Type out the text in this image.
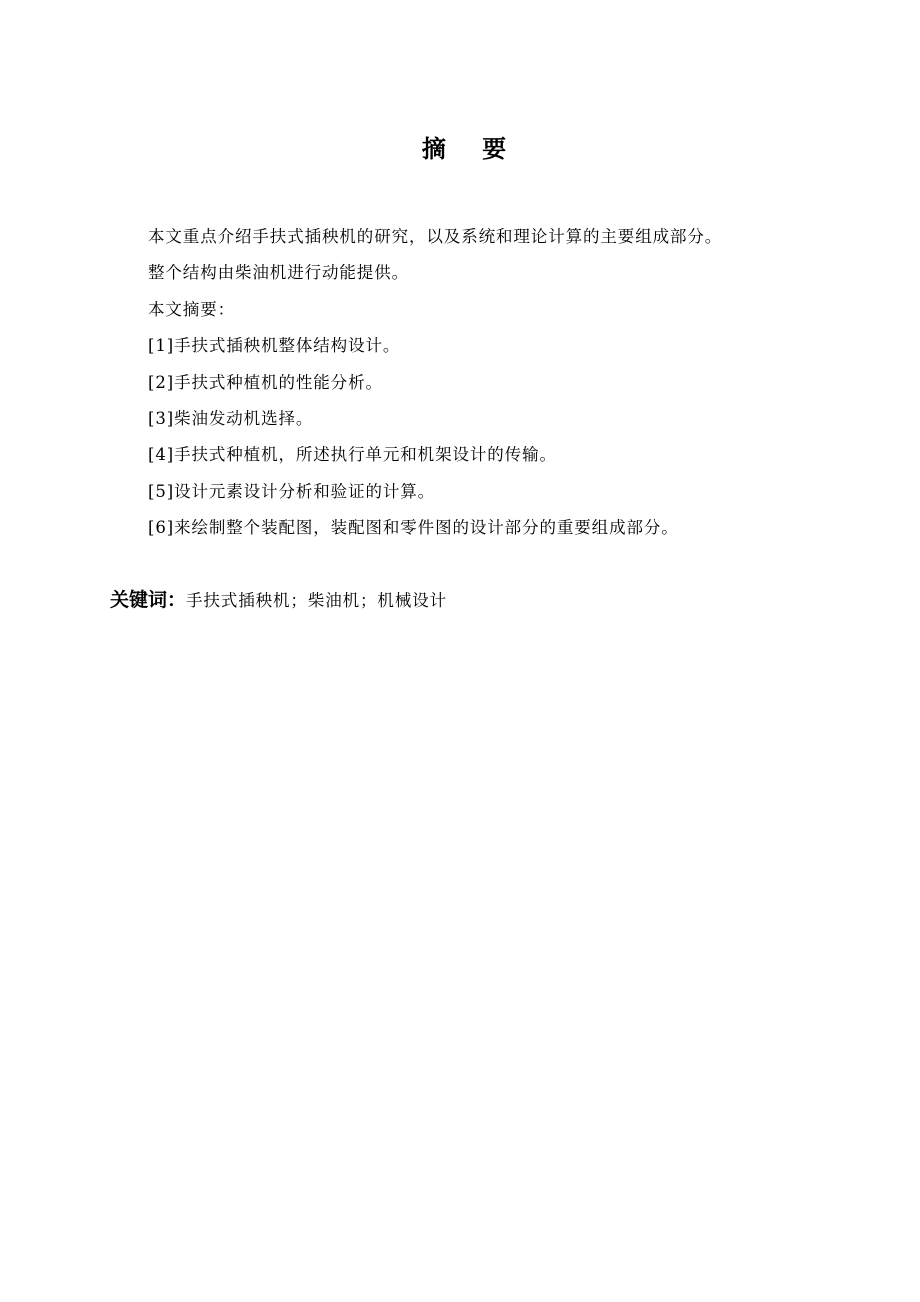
摘 要

本文重点介绍手扶式插秧机的研究，以及系统和理论计算的主要组成部分。

整个结构由柴油机进行动能提供。

本文摘要：

[1]手扶式插秧机整体结构设计。

[2]手扶式种植机的性能分析。

[3]柴油发动机选择。

[4]手扶式种植机，所述执行单元和机架设计的传输。

[5]设计元素设计分析和验证的计算。

[6]来绘制整个装配图，装配图和零件图的设计部分的重要组成部分。

关键词：手扶式插秧机；柴油机；机械设计
